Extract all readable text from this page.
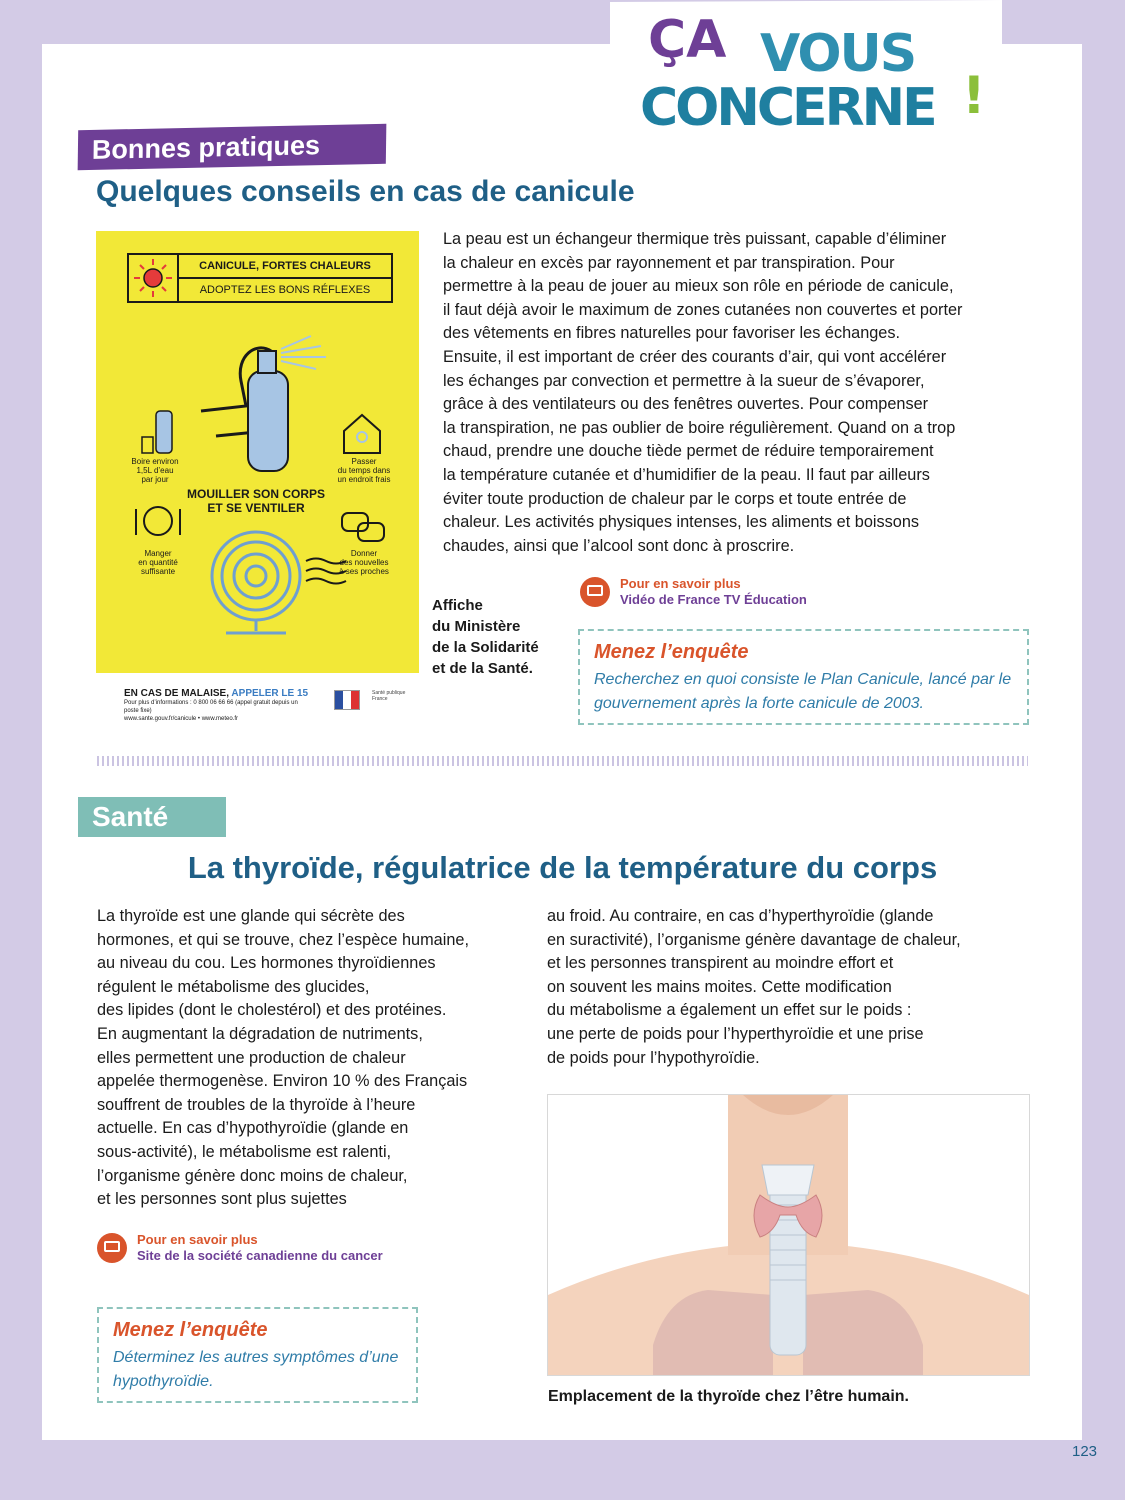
ÇA VOUS
CONCERNE !
Bonnes pratiques
Quelques conseils en cas de canicule
CANICULE, FORTES CHALEURS
ADOPTEZ LES BONS RÉFLEXES
Boire environ
1,5L d’eau
par jour
Passer
du temps dans
un endroit frais
MOUILLER SON CORPS
ET SE VENTILER
Manger
en quantité
suffisante
Donner
des nouvelles
à ses proches
EN CAS DE MALAISE, APPELER LE 15
Pour plus d’informations : 0 800 06 66 66 (appel gratuit depuis un poste fixe)
www.sante.gouv.fr/canicule • www.meteo.fr
Santé publique France
Affiche
du Ministère
de la Solidarité
et de la Santé.
La peau est un échangeur thermique très puissant, capable d’éliminer
la chaleur en excès par rayonnement et par transpiration. Pour
permettre à la peau de jouer au mieux son rôle en période de canicule,
il faut déjà avoir le maximum de zones cutanées non couvertes et porter
des vêtements en fibres naturelles pour favoriser les échanges.
Ensuite, il est important de créer des courants d’air, qui vont accélérer
les échanges par convection et permettre à la sueur de s’évaporer,
grâce à des ventilateurs ou des fenêtres ouvertes. Pour compenser
la transpiration, ne pas oublier de boire régulièrement. Quand on a trop
chaud, prendre une douche tiède permet de réduire temporairement
la température cutanée et d’humidifier de la peau. Il faut par ailleurs
éviter toute production de chaleur par le corps et toute entrée de
chaleur. Les activités physiques intenses, les aliments et boissons
chaudes, ainsi que l’alcool sont donc à proscrire.
Pour en savoir plus
Vidéo de France TV Éducation
Menez l’enquête
Recherchez en quoi consiste le Plan Canicule, lancé par le gouvernement après la forte canicule de 2003.
Santé
La thyroïde, régulatrice de la température du corps
La thyroïde est une glande qui sécrète des
hormones, et qui se trouve, chez l’espèce humaine,
au niveau du cou. Les hormones thyroïdiennes
régulent le métabolisme des glucides,
des lipides (dont le cholestérol) et des protéines.
En augmentant la dégradation de nutriments,
elles permettent une production de chaleur
appelée thermogenèse. Environ 10 % des Français
souffrent de troubles de la thyroïde à l’heure
actuelle. En cas d’hypothyroïdie (glande en
sous-activité), le métabolisme est ralenti,
l’organisme génère donc moins de chaleur,
et les personnes sont plus sujettes
au froid. Au contraire, en cas d’hyperthyroïdie (glande
en suractivité), l’organisme génère davantage de chaleur,
et les personnes transpirent au moindre effort et
on souvent les mains moites. Cette modification
du métabolisme a également un effet sur le poids :
une perte de poids pour l’hyperthyroïdie et une prise
de poids pour l’hypothyroïdie.
Pour en savoir plus
Site de la société canadienne du cancer
Menez l’enquête
Déterminez les autres symptômes d’une hypothyroïdie.
Emplacement de la thyroïde chez l’être humain.
123
